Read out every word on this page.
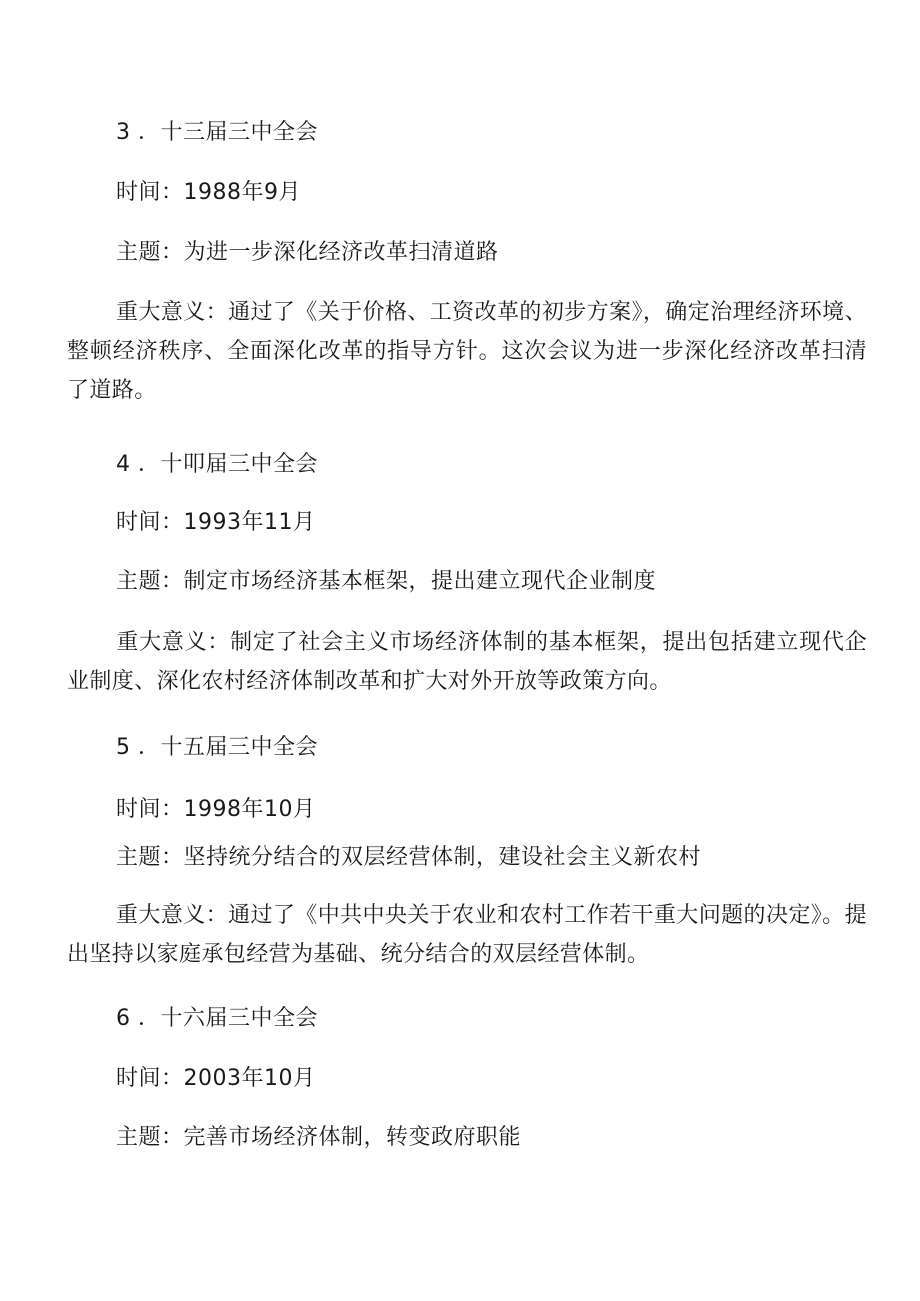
3 ．十三届三中全会
时间：1988年9月
主题：为进一步深化经济改革扫清道路
重大意义：通过了《关于价格、工资改革的初步方案》，确定治理经济环境、整顿经济秩序、全面深化改革的指导方针。这次会议为进一步深化经济改革扫清了道路。
4 ．十叩届三中全会
时间：1993年11月
主题：制定市场经济基本框架，提出建立现代企业制度
重大意义：制定了社会主义市场经济体制的基本框架，提出包括建立现代企业制度、深化农村经济体制改革和扩大对外开放等政策方向。
5 ．十五届三中全会
时间：1998年10月
主题：坚持统分结合的双层经营体制，建设社会主义新农村
重大意义：通过了《中共中央关于农业和农村工作若干重大问题的决定》。提出坚持以家庭承包经营为基础、统分结合的双层经营体制。
6 ．十六届三中全会
时间：2003年10月
主题：完善市场经济体制，转变政府职能
